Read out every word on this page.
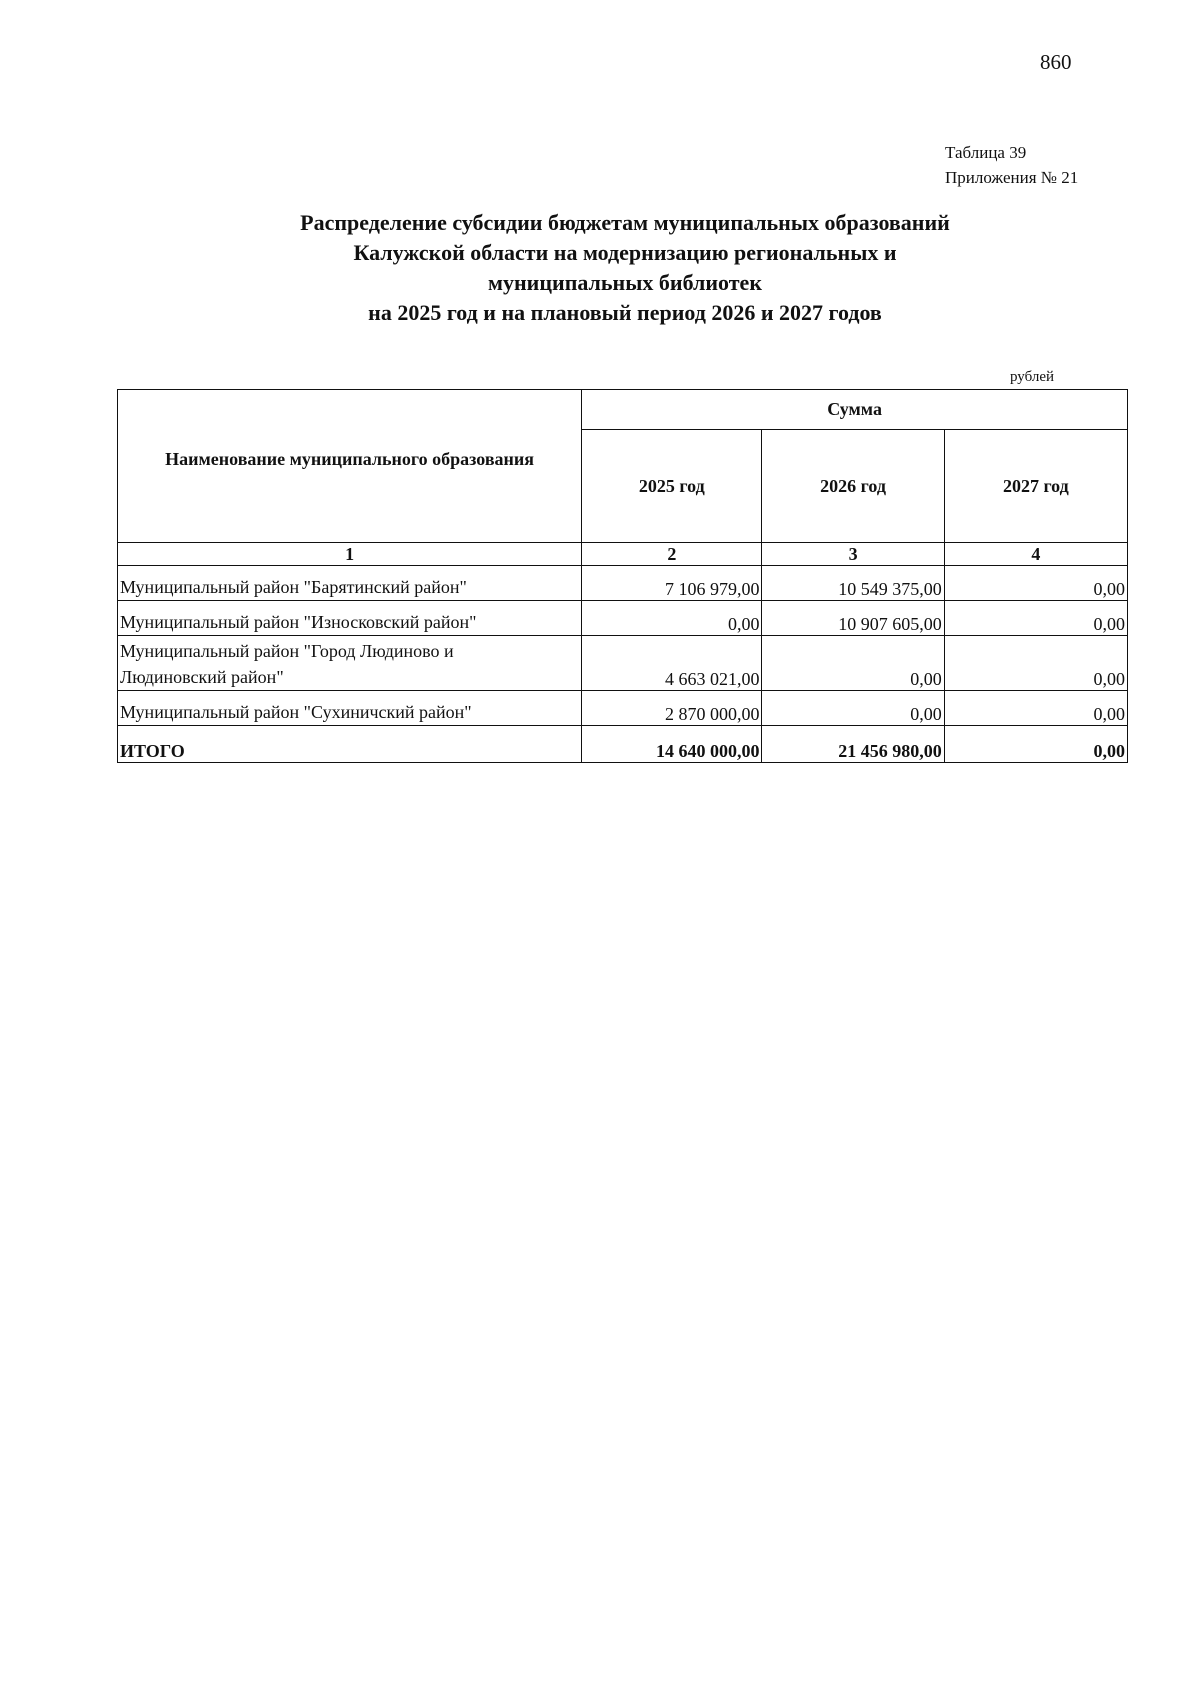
860
Таблица 39
Приложения № 21
Распределение субсидии бюджетам муниципальных образований
Калужской области на модернизацию региональных и
муниципальных библиотек
на 2025 год и на плановый период 2026 и 2027 годов
рублей
Наименование муниципального образования	Сумма		
	2025 год	2026 год	2027 год
1	2	3	4
Муниципальный район "Барятинский район"	7 106 979,00	10 549 375,00	0,00
Муниципальный район "Износковский район"	0,00	10 907 605,00	0,00

Муниципальный район "Город Людиново и
Людиновский район"	4 663 021,00	0,00	0,00
Муниципальный район "Сухиничский район"	2 870 000,00	0,00	0,00
ИТОГО	14 640 000,00	21 456 980,00	0,00
